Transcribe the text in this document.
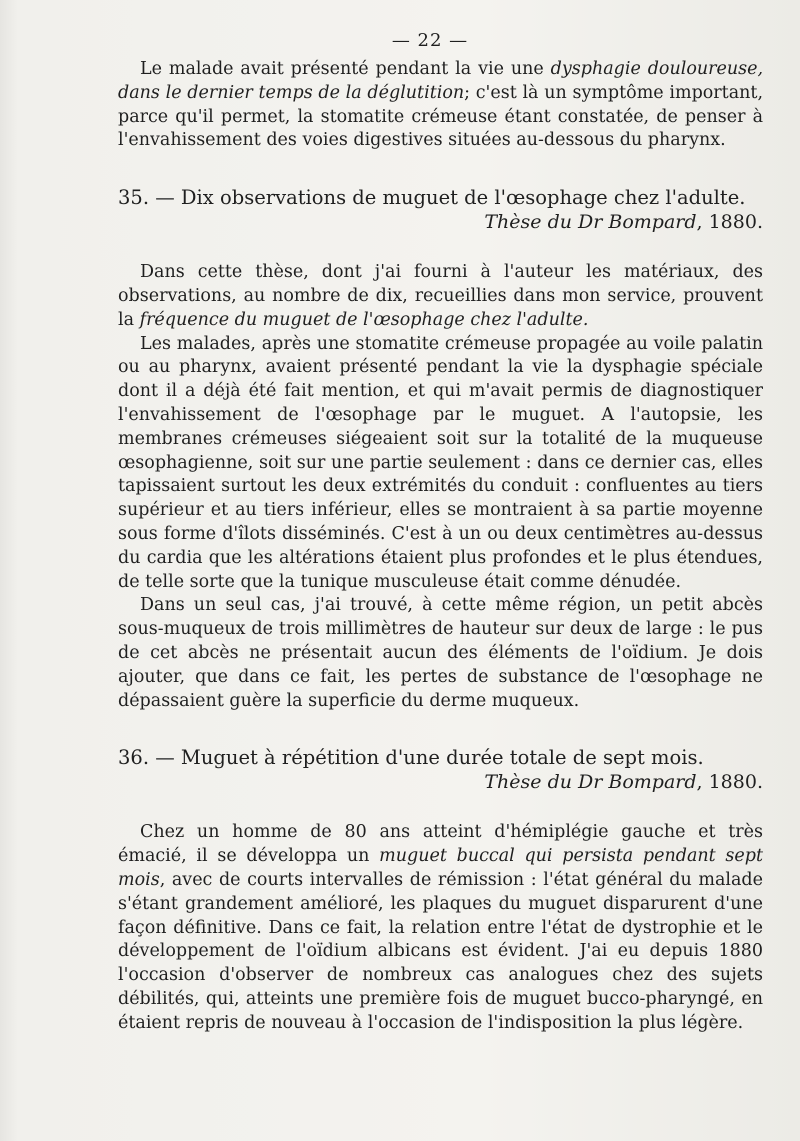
— 22 —

Le malade avait présenté pendant la vie une dysphagie douloureuse, dans le dernier temps de la déglutition; c'est là un symptôme important, parce qu'il permet, la stomatite crémeuse étant constatée, de penser à l'envahissement des voies digestives situées au-dessous du pharynx.

35. — Dix observations de muguet de l'œsophage chez l'adulte.

Thèse du Dr Bompard, 1880.

Dans cette thèse, dont j'ai fourni à l'auteur les matériaux, des observations, au nombre de dix, recueillies dans mon service, prouvent la fréquence du muguet de l'œsophage chez l'adulte.

Les malades, après une stomatite crémeuse propagée au voile palatin ou au pharynx, avaient présenté pendant la vie la dysphagie spéciale dont il a déjà été fait mention, et qui m'avait permis de diagnostiquer l'envahissement de l'œsophage par le muguet. A l'autopsie, les membranes crémeuses siégeaient soit sur la totalité de la muqueuse œsophagienne, soit sur une partie seulement : dans ce dernier cas, elles tapissaient surtout les deux extrémités du conduit : confluentes au tiers supérieur et au tiers inférieur, elles se montraient à sa partie moyenne sous forme d'îlots disséminés. C'est à un ou deux centimètres au-dessus du cardia que les altérations étaient plus profondes et le plus étendues, de telle sorte que la tunique musculeuse était comme dénudée.

Dans un seul cas, j'ai trouvé, à cette même région, un petit abcès sous-muqueux de trois millimètres de hauteur sur deux de large : le pus de cet abcès ne présentait aucun des éléments de l'oïdium. Je dois ajouter, que dans ce fait, les pertes de substance de l'œsophage ne dépassaient guère la superficie du derme muqueux.

36. — Muguet à répétition d'une durée totale de sept mois.

Thèse du Dr Bompard, 1880.

Chez un homme de 80 ans atteint d'hémiplégie gauche et très émacié, il se développa un muguet buccal qui persista pendant sept mois, avec de courts intervalles de rémission : l'état général du malade s'étant grandement amélioré, les plaques du muguet disparurent d'une façon définitive. Dans ce fait, la relation entre l'état de dystrophie et le développement de l'oïdium albicans est évident. J'ai eu depuis 1880 l'occasion d'observer de nombreux cas analogues chez des sujets débilités, qui, atteints une première fois de muguet bucco-pharyngé, en étaient repris de nouveau à l'occasion de l'indisposition la plus légère.
